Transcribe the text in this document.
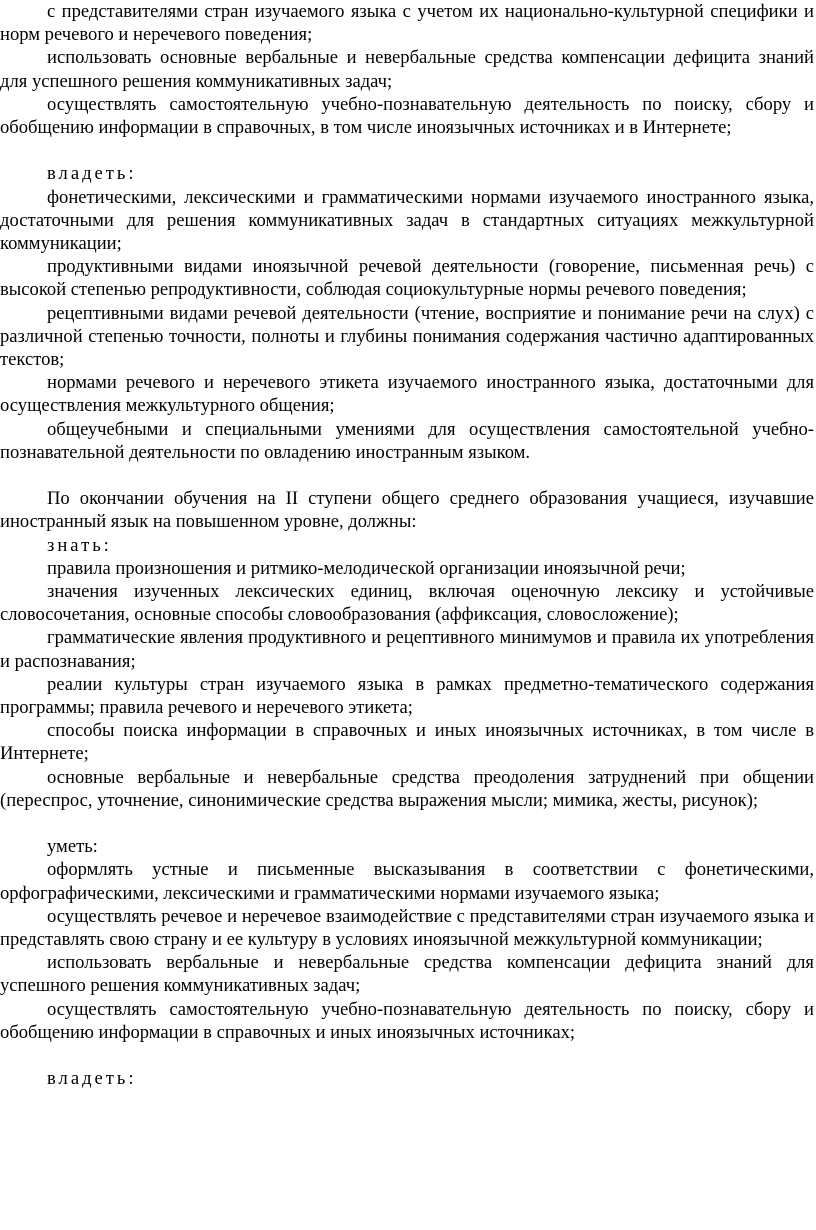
с представителями стран изучаемого языка с учетом их национально-культурной специфики и норм речевого и неречевого поведения;

использовать основные вербальные и невербальные средства компенсации дефицита знаний для успешного решения коммуникативных задач;

осуществлять самостоятельную учебно-познавательную деятельность по поиску, сбору и обобщению информации в справочных, в том числе иноязычных источниках и в Интернете;

владеть:

фонетическими, лексическими и грамматическими нормами изучаемого иностранного языка, достаточными для решения коммуникативных задач в стандартных ситуациях межкультурной коммуникации;

продуктивными видами иноязычной речевой деятельности (говорение, письменная речь) с высокой степенью репродуктивности, соблюдая социокультурные нормы речевого поведения;

рецептивными видами речевой деятельности (чтение, восприятие и понимание речи на слух) с различной степенью точности, полноты и глубины понимания содержания частично адаптированных текстов;

нормами речевого и неречевого этикета изучаемого иностранного языка, достаточными для осуществления межкультурного общения;

общеучебными и специальными умениями для осуществления самостоятельной учебно-познавательной деятельности по овладению иностранным языком.

По окончании обучения на II ступени общего среднего образования учащиеся, изучавшие иностранный язык на повышенном уровне, должны:

знать:

правила произношения и ритмико-мелодической организации иноязычной речи;

значения изученных лексических единиц, включая оценочную лексику и устойчивые словосочетания, основные способы словообразования (аффиксация, словосложение);

грамматические явления продуктивного и рецептивного минимумов и правила их употребления и распознавания;

реалии культуры стран изучаемого языка в рамках предметно-тематического содержания программы; правила речевого и неречевого этикета;

способы поиска информации в справочных и иных иноязычных источниках, в том числе в Интернете;

основные вербальные и невербальные средства преодоления затруднений при общении (переспрос, уточнение, синонимические средства выражения мысли; мимика, жесты, рисунок);

уметь:

оформлять устные и письменные высказывания в соответствии с фонетическими, орфографическими, лексическими и грамматическими нормами изучаемого языка;

осуществлять речевое и неречевое взаимодействие с представителями стран изучаемого языка и представлять свою страну и ее культуру в условиях иноязычной межкультурной коммуникации;

использовать вербальные и невербальные средства компенсации дефицита знаний для успешного решения коммуникативных задач;

осуществлять самостоятельную учебно-познавательную деятельность по поиску, сбору и обобщению информации в справочных и иных иноязычных источниках;

владеть:
